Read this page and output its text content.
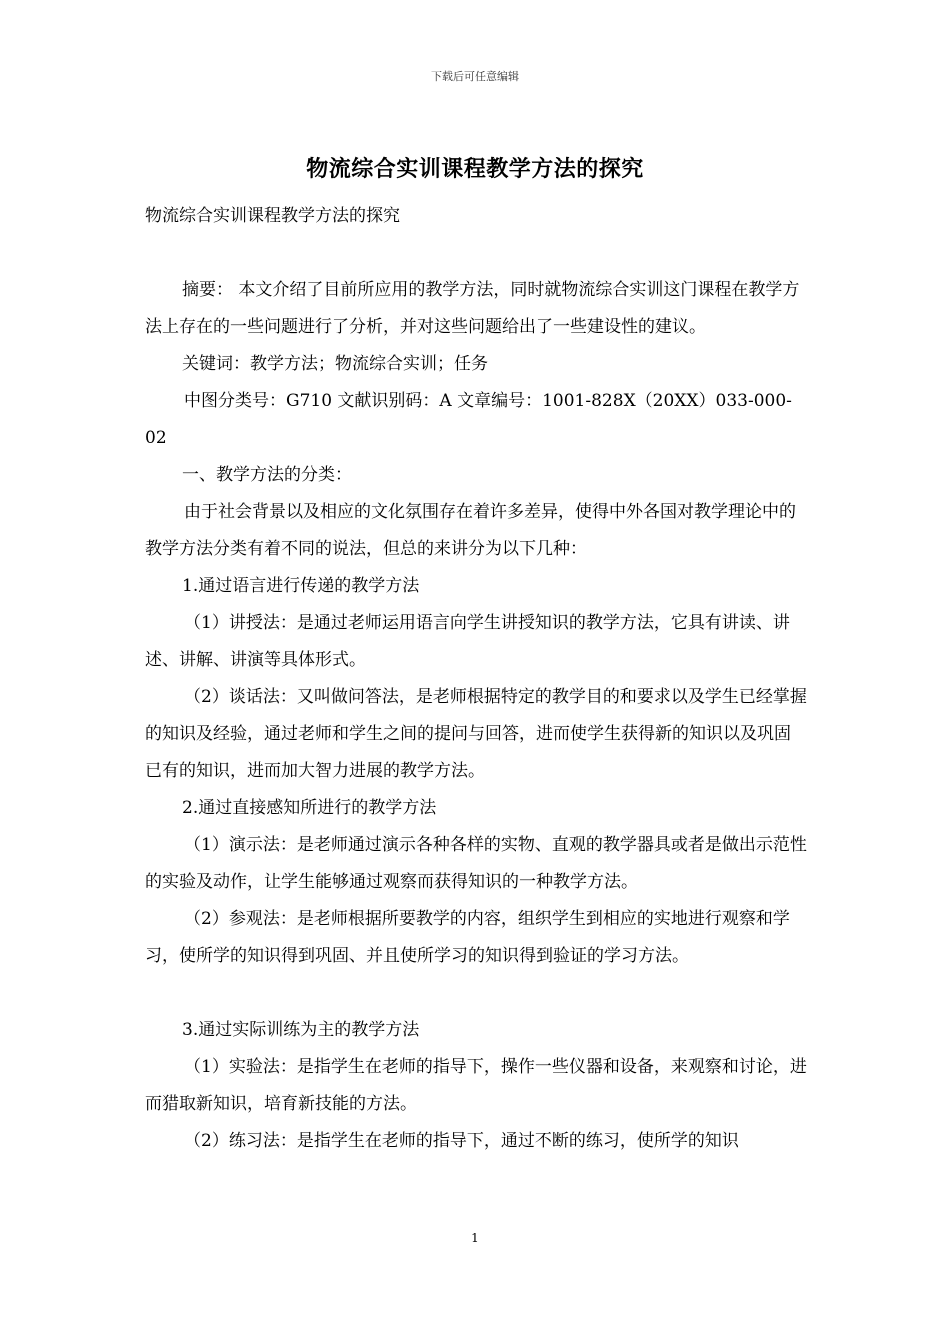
下载后可任意编辑
物流综合实训课程教学方法的探究

物流综合实训课程教学方法的探究

摘要： 本文介绍了目前所应用的教学方法，同时就物流综合实训这门课程在教学方法上存在的一些问题进行了分析，并对这些问题给出了一些建设性的建议。

关键词：教学方法；物流综合实训；任务

中图分类号：G710 文献识别码：A 文章编号：1001-828X（20XX）033-000-02

一、教学方法的分类：

由于社会背景以及相应的文化氛围存在着许多差异，使得中外各国对教学理论中的教学方法分类有着不同的说法，但总的来讲分为以下几种：

1.通过语言进行传递的教学方法

（1）讲授法：是通过老师运用语言向学生讲授知识的教学方法，它具有讲读、讲述、讲解、讲演等具体形式。

（2）谈话法：又叫做问答法，是老师根据特定的教学目的和要求以及学生已经掌握的知识及经验，通过老师和学生之间的提问与回答，进而使学生获得新的知识以及巩固已有的知识，进而加大智力进展的教学方法。

2.通过直接感知所进行的教学方法

（1）演示法：是老师通过演示各种各样的实物、直观的教学器具或者是做出示范性的实验及动作，让学生能够通过观察而获得知识的一种教学方法。

（2）参观法：是老师根据所要教学的内容，组织学生到相应的实地进行观察和学习，使所学的知识得到巩固、并且使所学习的知识得到验证的学习方法。

3.通过实际训练为主的教学方法

（1）实验法：是指学生在老师的指导下，操作一些仪器和设备，来观察和讨论，进而猎取新知识，培育新技能的方法。

（2）练习法：是指学生在老师的指导下，通过不断的练习，使所学的知识

1
